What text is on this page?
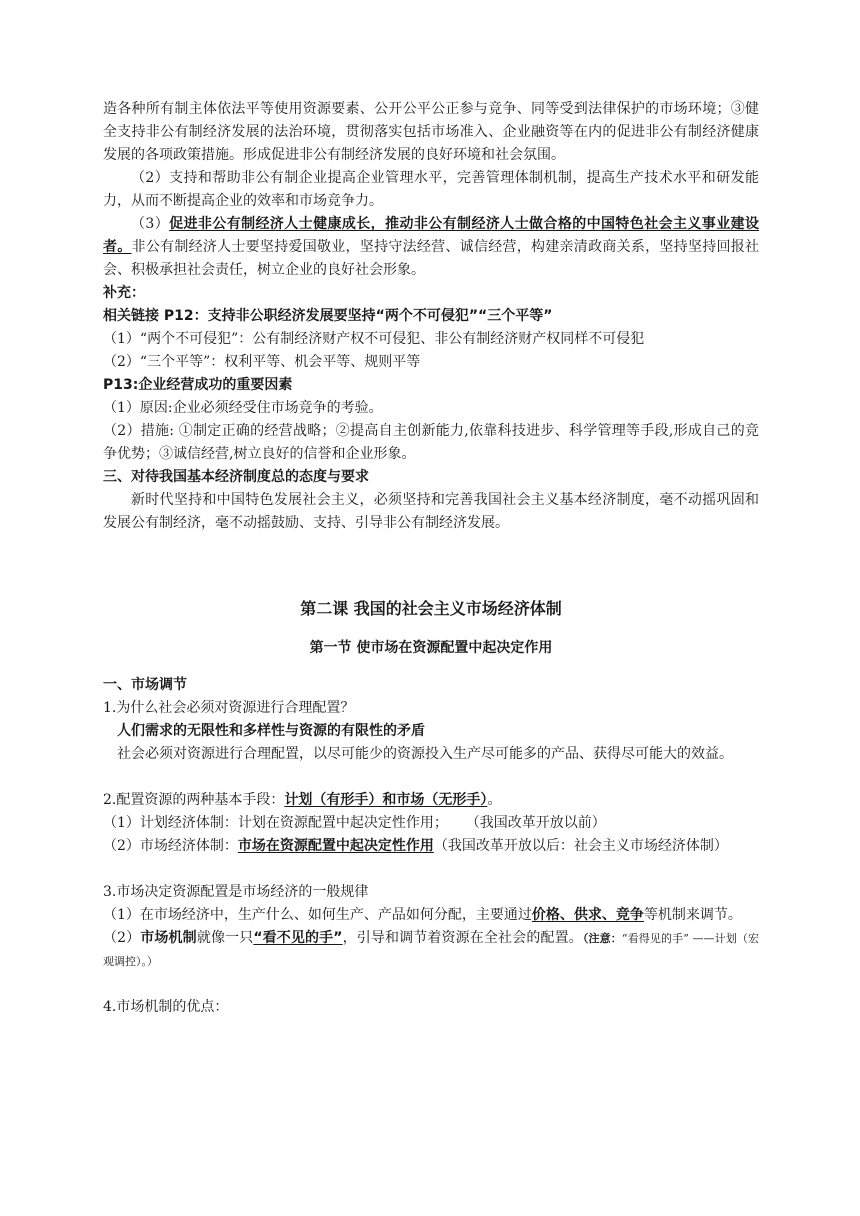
造各种所有制主体依法平等使用资源要素、公开公平公正参与竞争、同等受到法律保护的市场环境；③健全支持非公有制经济发展的法治环境，贯彻落实包括市场准入、企业融资等在内的促进非公有制经济健康发展的各项政策措施。形成促进非公有制经济发展的良好环境和社会氛围。

（2）支持和帮助非公有制企业提高企业管理水平，完善管理体制机制，提高生产技术水平和研发能力，从而不断提高企业的效率和市场竞争力。

（3）促进非公有制经济人士健康成长，推动非公有制经济人士做合格的中国特色社会主义事业建设者。非公有制经济人士要坚持爱国敬业，坚持守法经营、诚信经营，构建亲清政商关系，坚持坚持回报社会、积极承担社会责任，树立企业的良好社会形象。

补充：

相关链接 P12：支持非公职经济发展要坚持“两个不可侵犯”“三个平等”

（1）“两个不可侵犯”：公有制经济财产权不可侵犯、非公有制经济财产权同样不可侵犯

（2）“三个平等”：权利平等、机会平等、规则平等

P13:企业经营成功的重要因素

（1）原因:企业必须经受住市场竞争的考验。

（2）措施: ①制定正确的经营战略；②提高自主创新能力,依靠科技进步、科学管理等手段,形成自己的竞争优势；③诚信经营,树立良好的信誉和企业形象。

三、对待我国基本经济制度总的态度与要求

新时代坚持和中国特色发展社会主义，必须坚持和完善我国社会主义基本经济制度，毫不动摇巩固和发展公有制经济，毫不动摇鼓励、支持、引导非公有制经济发展。

第二课 我国的社会主义市场经济体制

第一节 使市场在资源配置中起决定作用

一、市场调节

1.为什么社会必须对资源进行合理配置？

人们需求的无限性和多样性与资源的有限性的矛盾

社会必须对资源进行合理配置，以尽可能少的资源投入生产尽可能多的产品、获得尽可能大的效益。

2.配置资源的两种基本手段：计划（有形手）和市场（无形手）。

（1）计划经济体制：计划在资源配置中起决定性作用；    （我国改革开放以前）

（2）市场经济体制：市场在资源配置中起决定性作用（我国改革开放以后：社会主义市场经济体制）

3.市场决定资源配置是市场经济的一般规律

（1）在市场经济中，生产什么、如何生产、产品如何分配，主要通过价格、供求、竞争等机制来调节。

（2）市场机制就像一只“看不见的手”，引导和调节着资源在全社会的配置。（注意：“看得见的手” ——计划（宏观调控）。）

4.市场机制的优点：
